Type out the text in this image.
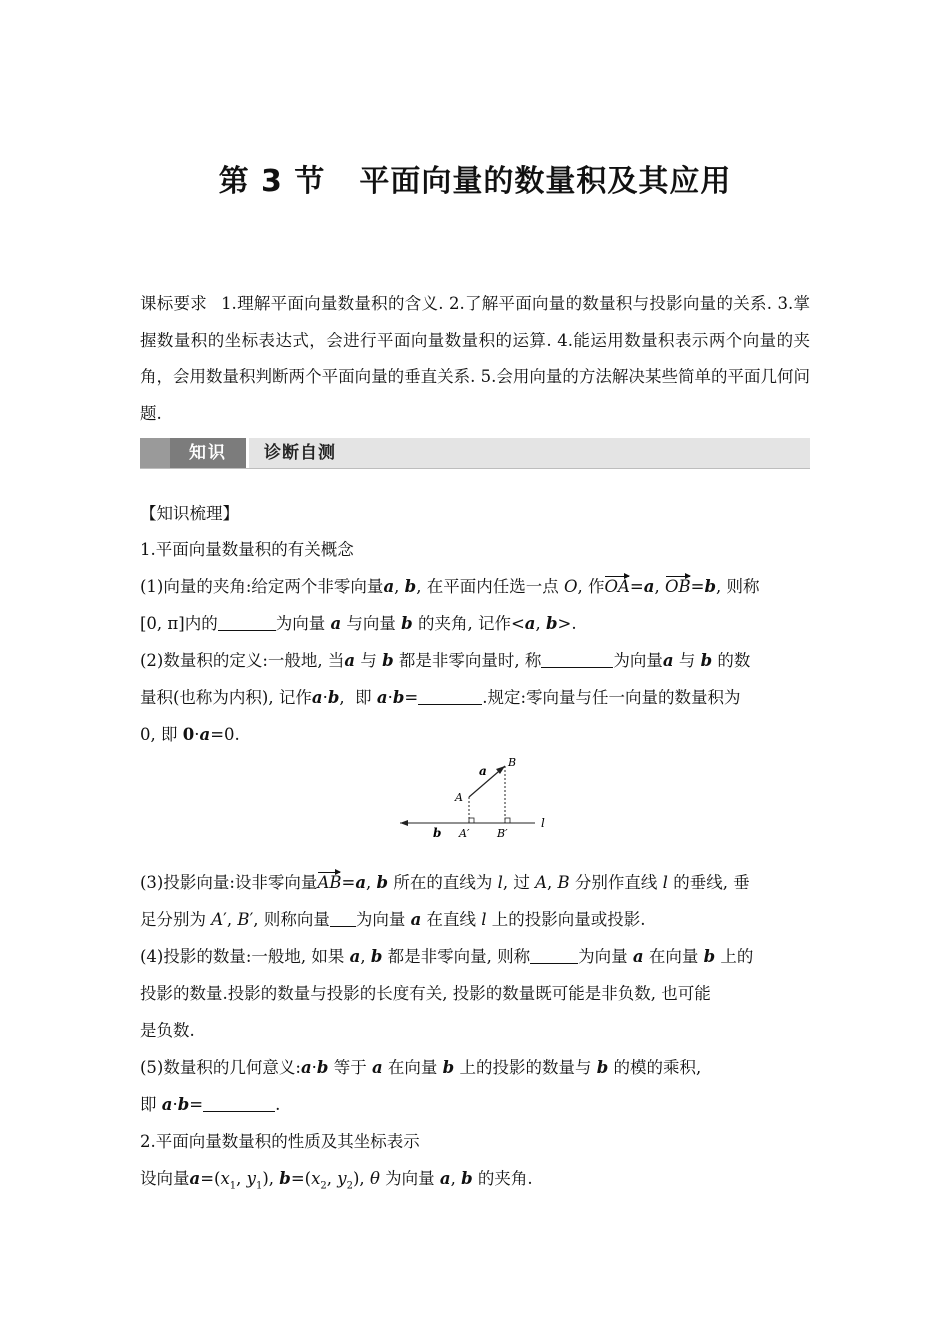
第 3 节 平面向量的数量积及其应用
课标要求 1.理解平面向量数量积的含义. 2.了解平面向量的数量积与投影向量的关系. 3.掌握数量积的坐标表达式，会进行平面向量数量积的运算. 4.能运用数量积表示两个向量的夹角，会用数量积判断两个平面向量的垂直关系. 5.会用向量的方法解决某些简单的平面几何问题.
知识	诊断自测
【知识梳理】
1.平面向量数量积的有关概念
(1)向量的夹角:给定两个非零向量a, b, 在平面内任选一点 O, 作OA=a, OB=b, 则称
[0, π]内的	为向量 a 与向量 b 的夹角, 记作<a, b>.
(2)数量积的定义:一般地, 当a 与 b 都是非零向量时, 称	为向量a 与 b 的数
量积(也称为内积), 记作a·b,  即 a·b=	.规定:零向量与任一向量的数量积为
0, 即 0·a=0.
a
B
A
b A′	B′
l
(3)投影向量:设非零向量AB=a, b 所在的直线为 l, 过 A, B 分别作直线 l 的垂线, 垂
足分别为 A′, B′, 则称向量 为向量 a 在直线 l 上的投影向量或投影.
(4)投影的数量:一般地, 如果 a, b 都是非零向量, 则称	为向量 a 在向量 b 上的
投影的数量.投影的数量与投影的长度有关, 投影的数量既可能是非负数, 也可能
是负数.
(5)数量积的几何意义:a·b 等于 a 在向量 b 上的投影的数量与 b 的模的乘积,
即 a·b=	.
2.平面向量数量积的性质及其坐标表示
设向量$a=(x_1$, $y_1$), $b=(x_2$, $y_2$), θ 为向量 a, b 的夹角.
